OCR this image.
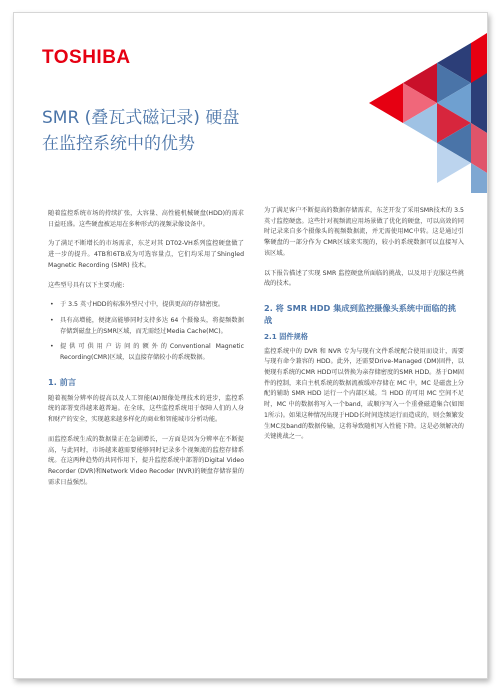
TOSHIBA
SMR (叠瓦式磁记录) 硬盘
在监控系统中的优势

随着监控系统市场的持续扩张，大容量、高性能机械硬盘(HDD)的需求日益旺盛。这些硬盘被运用在多种形式的视频录像设备中。

为了满足不断增长的市场需求，东芝对其 DT02-VH系列监控硬盘做了进一步的提升。4TB和6TB成为可选容量点，它们均采用了Shingled Magnetic Recording (SMR) 技术。

这些型号具有以下主要功能:

• 于 3.5 英寸HDD的标准外型尺寸中，提供更高的存储密度。
• 具有高增能，便捷高能够同时支持多达 64 个摄像头，将提频数据存储到磁盘上的SMR区域，而无需经过Media Cache(MC)。
• 提供可供用户访问的额外的Conventional Magnetic Recording(CMR)区域，以直接存储较小的系统数据。
1. 前言

随着视频分辨率的提高以及人工智能(AI)图像处理技术的进步，监控系统的部署变得越来越普遍。在全球，这些监控系统用于保障人们的人身和财产的安全，实现越来越多样化的商业和智能城市分析功能。

而监控系统生成的数据量正在急剧增长，一方面是因为分辨率在不断提高，与此同时，市场越来越需要能够同时记录多个视频流的监控存储系统。在这两种趋势的共同作用下，提升监控系统中部署的Digital Video Recorder (DVR)和Network Video Recoder (NVR)的硬盘存储容量的需求日益强烈。

为了满足客户不断提高的数据存储需求，东芝开发了采用SMR技术的 3.5 英寸监控硬盘。这些针对视频流应用场景做了优化的硬盘，可以高效的同时记录来自多个摄像头的视频数据流，并无需使用MC中转。这是通过引擎硬盘的一部分作为 CMR区域来实现的，较小的系统数据可以直接写入该区域。

以下报告描述了实现 SMR 监控硬盘所面临的挑战，以及用于克服这些挑战的技术。

2. 将 SMR HDD 集成到监控摄像头系统中面临的挑战
2.1 固件规格

监控系统中的 DVR 和 NVR 专为与现有文件系统配合使用而设计，需要与现有命令兼容的 HDD。此外，还需要Drive-Managed (DM)固件，以便现有系统的CMR HDD可以替换为亲存储密度的SMR HDD。基于DM固件的控制，来自主机系统的数据流被缓冲存储在 MC 中，MC 是磁盘上分配的辅助 SMR HDD 运行一个内部区域。当 HDD 的可用 MC 空间不足时，MC 中的数据将写入一个band，或顺序写入一个重叠磁道集合(如图1所示)。如果这种情况出现于HDD长时间连续运行而造成的，则会频繁发生MC及band的数据传输，这将导致随机写入性能下降。这是必须解决的关键挑战之一。
